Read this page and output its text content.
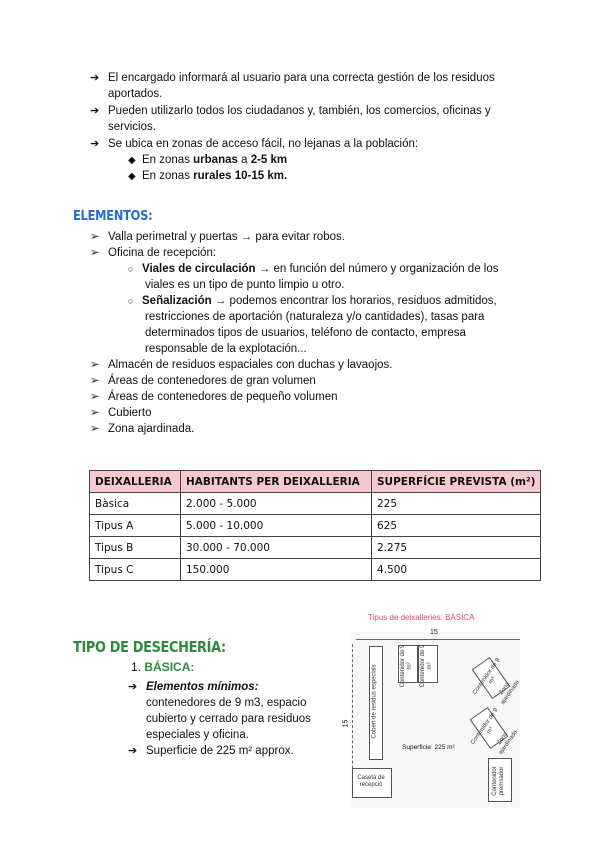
➔ El encargado informará al usuario para una correcta gestión de los residuos
aportados.
➔ Pueden utilizarlo todos los ciudadanos y, también, los comercios, oficinas y
servicios.
➔ Se ubica en zonas de acceso fácil, no lejanas a la población:
◆ En zonas urbanas a 2-5 km
◆ En zonas rurales 10-15 km.
ELEMENTOS:
➢ Valla perimetral y puertas → para evitar robos.
➢ Oficina de recepción:
○ Viales de circulación → en función del número y organización de los
viales es un tipo de punto limpio u otro.
○ Señalización → podemos encontrar los horarios, residuos admitidos,
restricciones de aportación (naturaleza y/o cantidades), tasas para
determinados tipos de usuarios, teléfono de contacto, empresa
responsable de la explotación...
➢ Almacén de residuos espaciales con duchas y lavaojos.
➢ Áreas de contenedores de gran volumen
➢ Áreas de contenedores de pequeño volumen
➢ Cubierto
➢ Zona ajardinada.
DEIXALLERIA	HABITANTS PER DEIXALLERIA	SUPERFÍCIE PREVISTA (m²)
Bàsica	2.000 - 5.000	225
Tipus A	5.000 - 10.000	625
Tipus B	30.000 - 70.000	2.275
Tipus C	150.000	4.500
TIPO DE DESECHERÍA:
1. BÁSICA:
➔ Elementos mínimos:
contenedores de 9 m3, espacio
cubierto y cerrado para residuos
especiales y oficina.
➔ Superficie de 225 m² approx.
Tipus de deixalleries: BÀSICA
15
15	Cobert de residus especials	Contenidor de 9 m³ Contenidor de 9 m³	Contenidor de 9 m³
Zona ajardinada
Contenidor de 9 m³
Zona ajardinada
Superficie: 225 m²
Caseta de recepció	Contenidor premsador
